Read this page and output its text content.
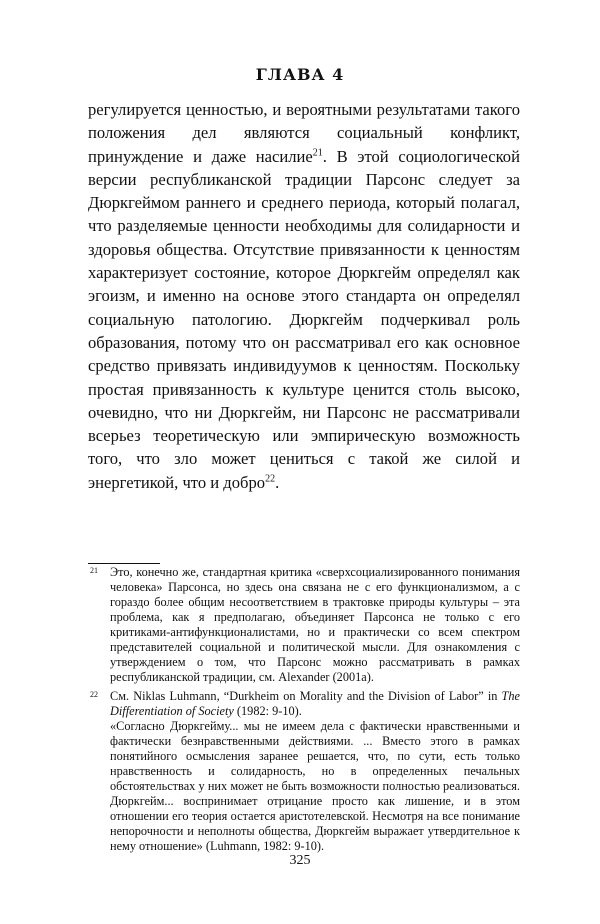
ГЛАВА 4

регулируется ценностью, и вероятными результатами такого положения дел являются социальный конфликт, принуждение и даже насилие$^{21}$. В этой социологической версии республиканской традиции Парсонс следует за Дюркгеймом раннего и среднего периода, который полагал, что разделяемые ценности необходимы для солидарности и здоровья общества. Отсутствие привязанности к ценностям характеризует состояние, которое Дюркгейм определял как эгоизм, и именно на основе этого стандарта он определял социальную патологию. Дюркгейм подчеркивал роль образования, потому что он рассматривал его как основное средство привязать индивидуумов к ценностям. Поскольку простая привязанность к культуре ценится столь высоко, очевидно, что ни Дюркгейм, ни Парсонс не рассматривали всерьез теоретическую или эмпирическую возможность того, что зло может цениться с такой же силой и энергетикой, что и добро$^{22}$.

21 Это, конечно же, стандартная критика «сверхсоциализированного понимания человека» Парсонса, но здесь она связана не с его функционализмом, а с гораздо более общим несоответствием в трактовке природы культуры – эта проблема, как я предполагаю, объединяет Парсонса не только с его критиками-антифункционалистами, но и практически со всем спектром представителей социальной и политической мысли. Для ознакомления с утверждением о том, что Парсонс можно рассматривать в рамках республиканской традиции, см. Alexander (2001a).

22 См. Niklas Luhmann, “Durkheim on Morality and the Division of Labor” in The Differentiation of Society (1982: 9-10).

«Согласно Дюркгейму... мы не имеем дела с фактически нравственными и фактически безнравственными действиями. ... Вместо этого в рамках понятийного осмысления заранее решается, что, по сути, есть только нравственность и солидарность, но в определенных печальных обстоятельствах у них может не быть возможности полностью реализоваться. Дюркгейм... воспринимает отрицание просто как лишение, и в этом отношении его теория остается аристотелевской. Несмотря на все понимание непорочности и неполноты общества, Дюркгейм выражает утвердительное к нему отношение» (Luhmann, 1982: 9-10).

325
